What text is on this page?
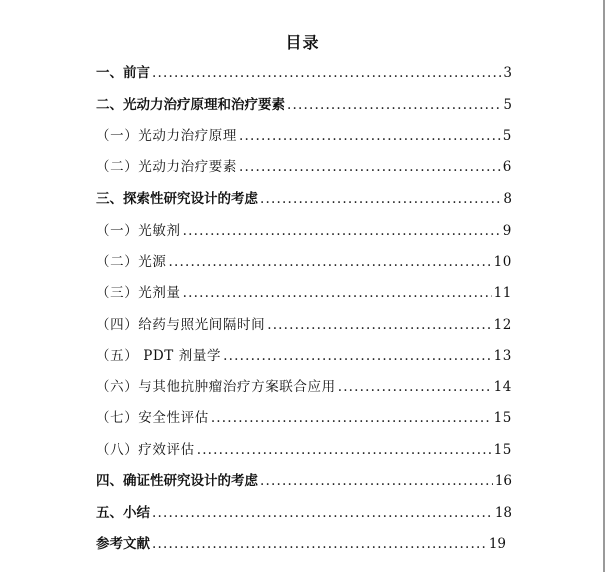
目录
一、前言 .....	3
二、光动力治疗原理和治疗要素 .....	5
（一）光动力治疗原理 .....	5
（二）光动力治疗要素 .....	6
三、探索性研究设计的考虑 .....	8
（一）光敏剂 .....	9
（二）光源 .....	10
（三）光剂量 .....	11
（四）给药与照光间隔时间 .....	12
（五） PDT 剂量学 .....	13
（六）与其他抗肿瘤治疗方案联合应用 .....	14
（七）安全性评估 .....	15
（八）疗效评估 .....	15
四、确证性研究设计的考虑 .....	16
五、小结 .....	18
参考文献 .....	19
